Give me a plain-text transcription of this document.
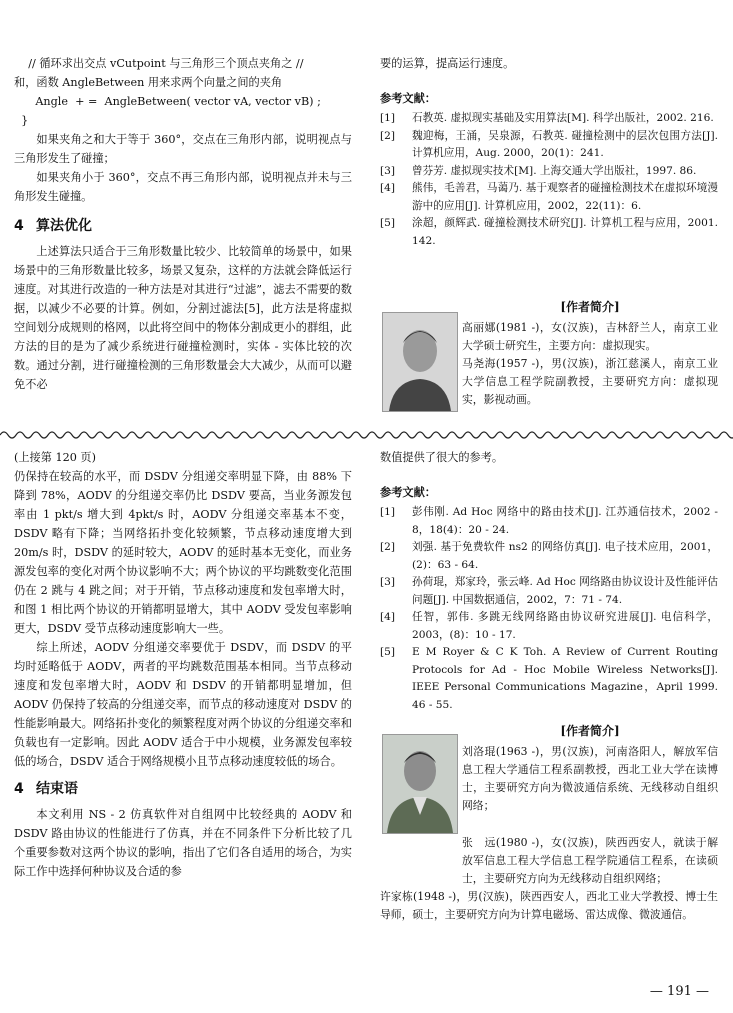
// 循环求出交点 vCutpoint 与三角形三个顶点夹角之 //
和，函数 AngleBetween 用来求两个向量之间的夹角
Angle  + =  AngleBetween( vector vA, vector vB) ;
}

如果夹角之和大于等于 360°，交点在三角形内部，说明视点与三角形发生了碰撞；

如果夹角小于 360°，交点不再三角形内部，说明视点并未与三角形发生碰撞。

4 算法优化

上述算法只适合于三角形数量比较少、比较简单的场景中，如果场景中的三角形数量比较多，场景又复杂，这样的方法就会降低运行速度。对其进行改造的一种方法是对其进行“过滤”，滤去不需要的数据，以减少不必要的计算。例如，分割过滤法[5]，此方法是将虚拟空间划分成规则的格网，以此将空间中的物体分割成更小的群组，此方法的目的是为了减少系统进行碰撞检测时，实体 - 实体比较的次数。通过分割，进行碰撞检测的三角形数量会大大减少，从而可以避免不必

要的运算，提高运行速度。

参考文献：
[1]	石教英. 虚拟现实基础及实用算法[M]. 科学出版社，2002. 216.
[2]	魏迎梅，王涌，吴泉源，石教英. 碰撞检测中的层次包围方法[J]. 计算机应用，Aug. 2000，20(1)：241.
[3]	曾芬芳. 虚拟现实技术[M]. 上海交通大学出版社，1997. 86.
[4]	熊伟，毛善君，马蔼乃. 基于观察者的碰撞检测技术在虚拟环境漫游中的应用[J]. 计算机应用，2002，22(11)：6.
[5]	涂超，颜辉武. 碰撞检测技术研究[J]. 计算机工程与应用，2001. 142.
[作者简介]
高丽娜(1981 -)，女(汉族)，吉林舒兰人，南京工业大学硕士研究生，主要方向：虚拟现实。
马尧海(1957 -)，男(汉族)，浙江慈溪人，南京工业大学信息工程学院副教授，主要研究方向：虚拟现实，影视动画。
(上接第 120 页)

仍保持在较高的水平，而 DSDV 分组递交率明显下降，由 88% 下降到 78%，AODV 的分组递交率仍比 DSDV 要高，当业务源发包率由 1 pkt/s 增大到 4pkt/s 时，AODV 分组递交率基本不变，DSDV 略有下降；当网络拓扑变化较频繁，节点移动速度增大到 20m/s 时，DSDV 的延时较大，AODV 的延时基本无变化，而业务源发包率的变化对两个协议影响不大；两个协议的平均跳数变化范围仍在 2 跳与 4 跳之间；对于开销，节点移动速度和发包率增大时，和图 1 相比两个协议的开销都明显增大，其中 AODV 受发包率影响更大，DSDV 受节点移动速度影响大一些。

综上所述，AODV 分组递交率要优于 DSDV，而 DSDV 的平均时延略低于 AODV，两者的平均跳数范围基本相同。当节点移动速度和发包率增大时，AODV 和 DSDV 的开销都明显增加，但 AODV 仍保持了较高的分组递交率，而节点的移动速度对 DSDV 的性能影响最大。网络拓扑变化的频繁程度对两个协议的分组递交率和负载也有一定影响。因此 AODV 适合于中小规模，业务源发包率较低的场合，DSDV 适合于网络规模小且节点移动速度较低的场合。

4 结束语

本文利用 NS - 2 仿真软件对自组网中比较经典的 AODV 和 DSDV 路由协议的性能进行了仿真，并在不同条件下分析比较了几个重要参数对这两个协议的影响，指出了它们各自适用的场合，为实际工作中选择何种协议及合适的参

数值提供了很大的参考。

参考文献：
[1]	彭伟刚. Ad Hoc 网络中的路由技术[J]. 江苏通信技术，2002 - 8，18(4)：20 - 24.
[2]	刘强. 基于免费软件 ns2 的网络仿真[J]. 电子技术应用，2001，(2)：63 - 64.
[3]	孙荷琨，郑家玲，张云峰. Ad Hoc 网络路由协议设计及性能评估问题[J]. 中国数据通信，2002，7：71 - 74.
[4]	任智，郭伟. 多跳无线网络路由协议研究进展[J]. 电信科学，2003，(8)：10 - 17.
[5]	E M Royer & C K Toh. A Review of Current Routing Protocols for Ad - Hoc Mobile Wireless Networks[J]. IEEE Personal Communications Magazine，April 1999. 46 - 55.
[作者简介]
刘洛琨(1963 -)，男(汉族)，河南洛阳人，解放军信息工程大学通信工程系副教授，西北工业大学在读博士，主要研究方向为微波通信系统、无线移动自组织网络；
张　远(1980 -)，女(汉族)，陕西西安人，就读于解放军信息工程大学信息工程学院通信工程系，在读硕士，主要研究方向为无线移动自组织网络；
许家栋(1948 -)，男(汉族)，陕西西安人，西北工业大学教授、博士生导师，硕士，主要研究方向为计算电磁场、雷达成像、微波通信。
— 191 —
